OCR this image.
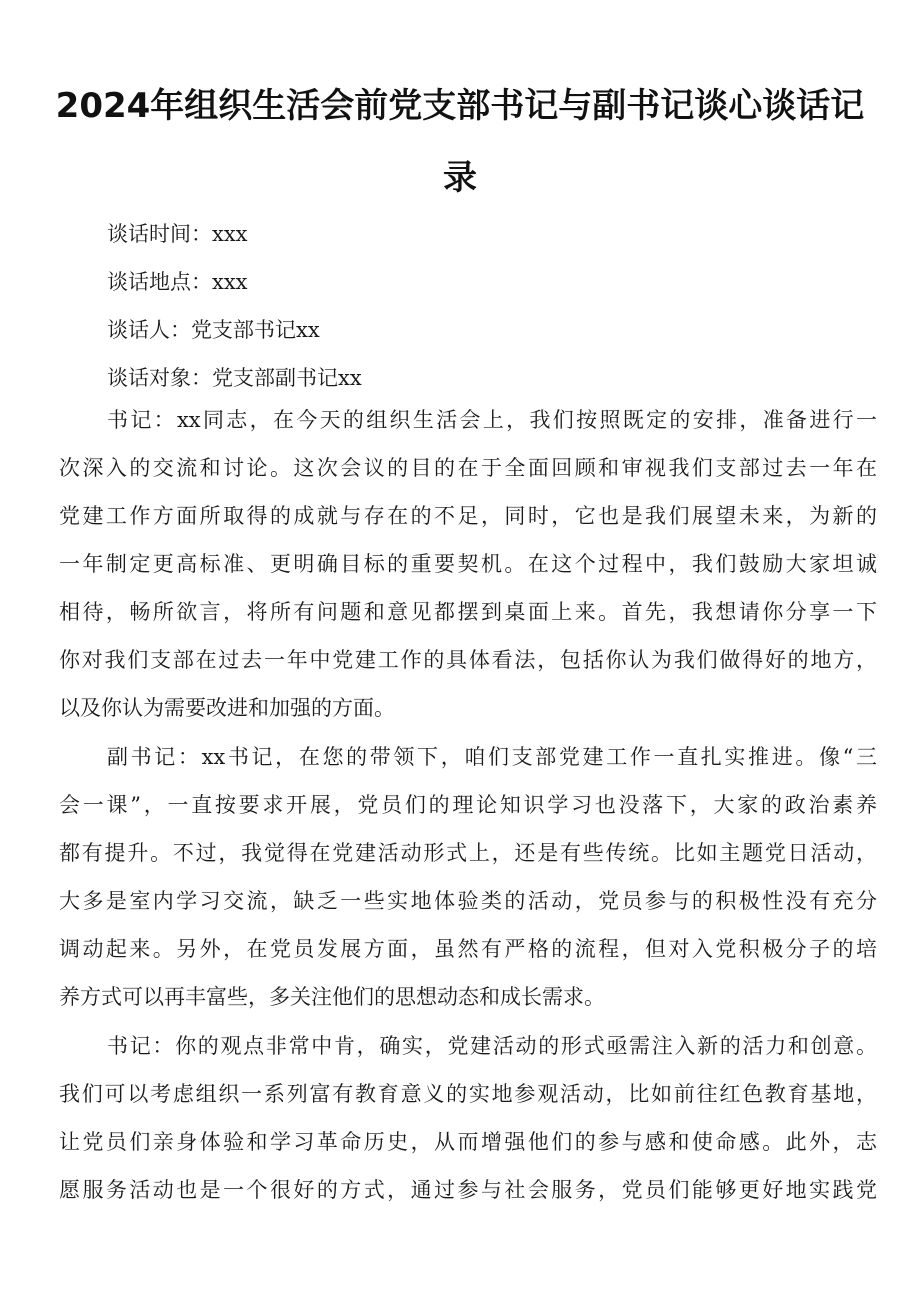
2024年组织生活会前党支部书记与副书记谈心谈话记
录
谈话时间：xxx
谈话地点：xxx
谈话人：党支部书记xx
谈话对象：党支部副书记xx
书记：xx同志，在今天的组织生活会上，我们按照既定的安排，准备进行一
次深入的交流和讨论。这次会议的目的在于全面回顾和审视我们支部过去一年在
党建工作方面所取得的成就与存在的不足，同时，它也是我们展望未来，为新的
一年制定更高标准、更明确目标的重要契机。在这个过程中，我们鼓励大家坦诚
相待，畅所欲言，将所有问题和意见都摆到桌面上来。首先，我想请你分享一下
你对我们支部在过去一年中党建工作的具体看法，包括你认为我们做得好的地方，
以及你认为需要改进和加强的方面。
副书记：xx书记，在您的带领下，咱们支部党建工作一直扎实推进。像“三
会一课”，一直按要求开展，党员们的理论知识学习也没落下，大家的政治素养
都有提升。不过，我觉得在党建活动形式上，还是有些传统。比如主题党日活动，
大多是室内学习交流，缺乏一些实地体验类的活动，党员参与的积极性没有充分
调动起来。另外，在党员发展方面，虽然有严格的流程，但对入党积极分子的培
养方式可以再丰富些，多关注他们的思想动态和成长需求。
书记：你的观点非常中肯，确实，党建活动的形式亟需注入新的活力和创意。
我们可以考虑组织一系列富有教育意义的实地参观活动，比如前往红色教育基地，
让党员们亲身体验和学习革命历史，从而增强他们的参与感和使命感。此外，志
愿服务活动也是一个很好的方式，通过参与社会服务，党员们能够更好地实践党
